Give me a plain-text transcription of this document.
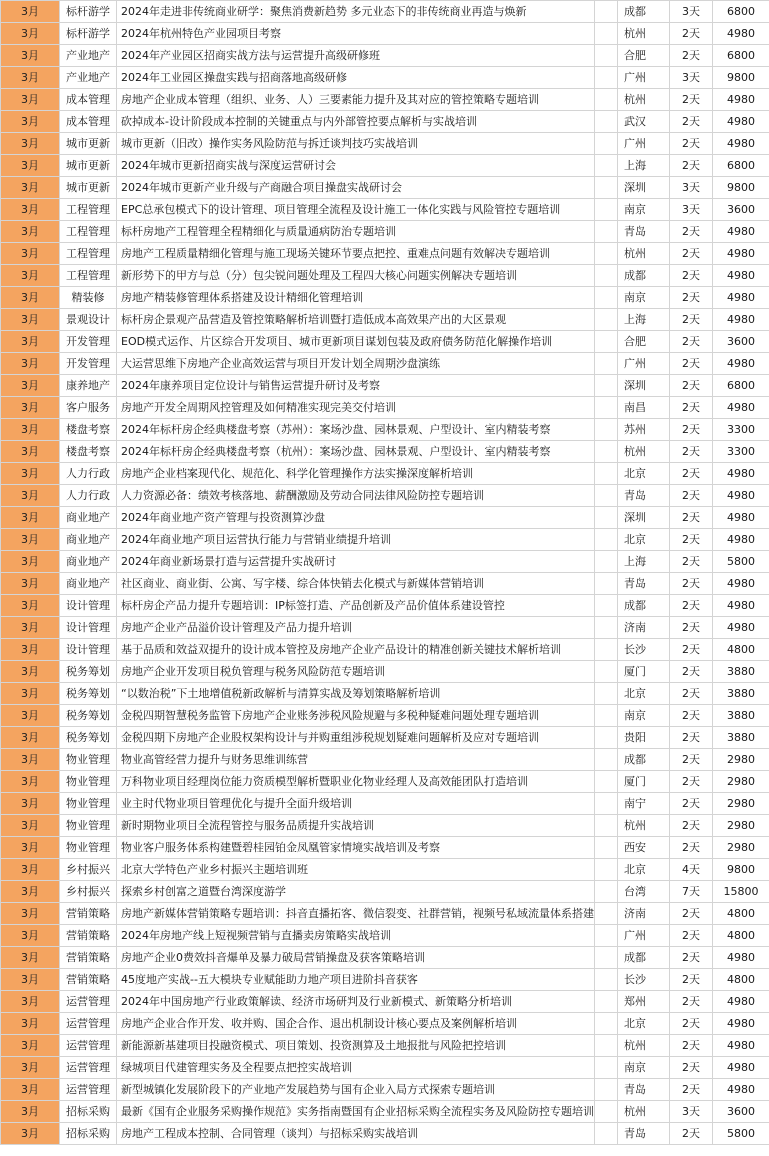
3月	标杆游学	2024年走进非传统商业研学：聚焦消费新趋势 多元业态下的非传统商业再造与焕新		成都	3天	6800
3月	标杆游学	2024年杭州特色产业园项目考察		杭州	2天	4980
3月	产业地产	2024年产业园区招商实战方法与运营提升高级研修班		合肥	2天	6800
3月	产业地产	2024年工业园区操盘实践与招商落地高级研修		广州	3天	9800
3月	成本管理	房地产企业成本管理（组织、业务、人）三要素能力提升及其对应的管控策略专题培训		杭州	2天	4980
3月	成本管理	砍掉成本-设计阶段成本控制的关键重点与内外部管控要点解析与实战培训		武汉	2天	4980
3月	城市更新	城市更新（旧改）操作实务风险防范与拆迁谈判技巧实战培训		广州	2天	4980
3月	城市更新	2024年城市更新招商实战与深度运营研讨会		上海	2天	6800
3月	城市更新	2024年城市更新产业升级与产商融合项目操盘实战研讨会		深圳	3天	9800
3月	工程管理	EPC总承包模式下的设计管理、项目管理全流程及设计施工一体化实践与风险管控专题培训		南京	3天	3600
3月	工程管理	标杆房地产工程管理全程精细化与质量通病防治专题培训		青岛	2天	4980
3月	工程管理	房地产工程质量精细化管理与施工现场关键环节要点把控、重难点问题有效解决专题培训		杭州	2天	4980
3月	工程管理	新形势下的甲方与总（分）包尖锐问题处理及工程四大核心问题实例解决专题培训		成都	2天	4980
3月	精装修	房地产精装修管理体系搭建及设计精细化管理培训		南京	2天	4980
3月	景观设计	标杆房企景观产品营造及管控策略解析培训暨打造低成本高效果产出的大区景观		上海	2天	4980
3月	开发管理	EOD模式运作、片区综合开发项目、城市更新项目谋划包装及政府债务防范化解操作培训		合肥	2天	3600
3月	开发管理	大运营思维下房地产企业高效运营与项目开发计划全周期沙盘演练		广州	2天	4980
3月	康养地产	2024年康养项目定位设计与销售运营提升研讨及考察		深圳	2天	6800
3月	客户服务	房地产开发全周期风控管理及如何精准实现完美交付培训		南昌	2天	4980
3月	楼盘考察	2024年标杆房企经典楼盘考察（苏州）：案场沙盘、园林景观、户型设计、室内精装考察		苏州	2天	3300
3月	楼盘考察	2024年标杆房企经典楼盘考察（杭州）：案场沙盘、园林景观、户型设计、室内精装考察		杭州	2天	3300
3月	人力行政	房地产企业档案现代化、规范化、科学化管理操作方法实操深度解析培训		北京	2天	4980
3月	人力行政	人力资源必备：绩效考核落地、薪酬激励及劳动合同法律风险防控专题培训		青岛	2天	4980
3月	商业地产	2024年商业地产资产管理与投资测算沙盘		深圳	2天	4980
3月	商业地产	2024年商业地产项目运营执行能力与营销业绩提升培训		北京	2天	4980
3月	商业地产	2024年商业新场景打造与运营提升实战研讨		上海	2天	5800
3月	商业地产	社区商业、商业街、公寓、写字楼、综合体快销去化模式与新媒体营销培训		青岛	2天	4980
3月	设计管理	标杆房企产品力提升专题培训：IP标签打造、产品创新及产品价值体系建设管控		成都	2天	4980
3月	设计管理	房地产企业产品溢价设计管理及产品力提升培训		济南	2天	4980
3月	设计管理	基于品质和效益双提升的设计成本管控及房地产企业产品设计的精准创新关键技术解析培训		长沙	2天	4800
3月	税务筹划	房地产企业开发项目税负管理与税务风险防范专题培训		厦门	2天	3880
3月	税务筹划	“以数治税”下土地增值税新政解析与清算实战及筹划策略解析培训		北京	2天	3880
3月	税务筹划	金税四期智慧税务监管下房地产企业账务涉税风险规避与多税种疑难问题处理专题培训		南京	2天	3880
3月	税务筹划	金税四期下房地产企业股权架构设计与并购重组涉税规划疑难问题解析及应对专题培训		贵阳	2天	3880
3月	物业管理	物业高管经营力提升与财务思维训练营		成都	2天	2980
3月	物业管理	万科物业项目经理岗位能力资质模型解析暨职业化物业经理人及高效能团队打造培训		厦门	2天	2980
3月	物业管理	业主时代物业项目管理优化与提升全面升级培训		南宁	2天	2980
3月	物业管理	新时期物业项目全流程管控与服务品质提升实战培训		杭州	2天	2980
3月	物业管理	物业客户服务体系构建暨碧桂园铂金凤凰管家情境实战培训及考察		西安	2天	2980
3月	乡村振兴	北京大学特色产业乡村振兴主题培训班		北京	4天	9800
3月	乡村振兴	探索乡村创富之道暨台湾深度游学		台湾	7天	15800
3月	营销策略	房地产新媒体营销策略专题培训：抖音直播拓客、微信裂变、社群营销，视频号私域流量体系搭建		济南	2天	4800
3月	营销策略	2024年房地产线上短视频营销与直播卖房策略实战培训		广州	2天	4800
3月	营销策略	房地产企业0费效抖音爆单及暴力破局营销操盘及获客策略培训		成都	2天	4980
3月	营销策略	45度地产实战--五大模块专业赋能助力地产项目进阶抖音获客		长沙	2天	4800
3月	运营管理	2024年中国房地产行业政策解读、经济市场研判及行业新模式、新策略分析培训		郑州	2天	4980
3月	运营管理	房地产企业合作开发、收并购、国企合作、退出机制设计核心要点及案例解析培训		北京	2天	4980
3月	运营管理	新能源新基建项目投融资模式、项目策划、投资测算及土地报批与风险把控培训		杭州	2天	4980
3月	运营管理	绿城项目代建管理实务及全程要点把控实战培训		南京	2天	4980
3月	运营管理	新型城镇化发展阶段下的产业地产发展趋势与国有企业入局方式探索专题培训		青岛	2天	4980
3月	招标采购	最新《国有企业服务采购操作规范》实务指南暨国有企业招标采购全流程实务及风险防控专题培训		杭州	3天	3600
3月	招标采购	房地产工程成本控制、合同管理（谈判）与招标采购实战培训		青岛	2天	5800
